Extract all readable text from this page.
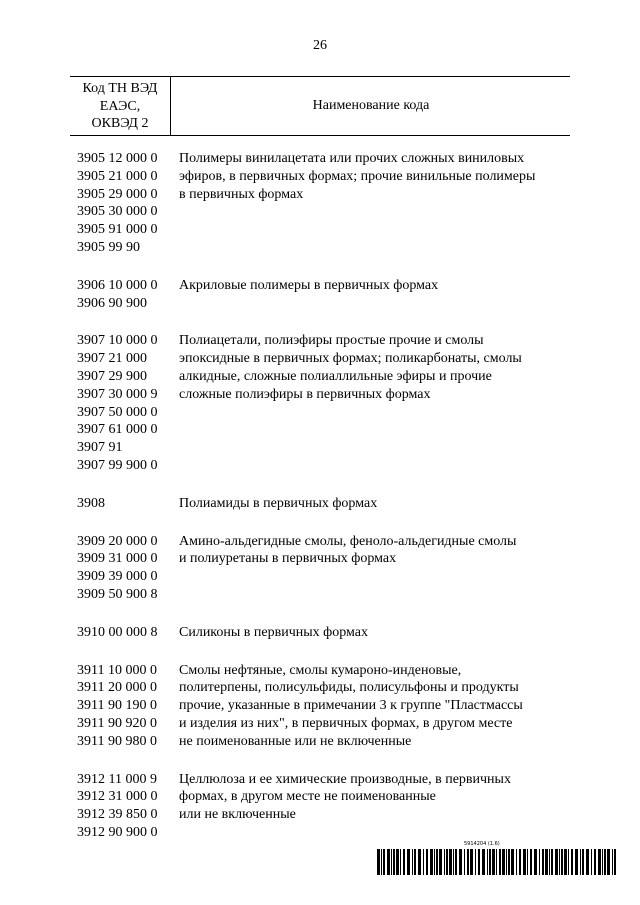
26
Код ТН ВЭД
ЕАЭС,
ОКВЭД 2
Наименование кода
3905 12 000 0
3905 21 000 0
3905 29 000 0
3905 30 000 0
3905 91 000 0
3905 99 90
Полимеры винилацетата или прочих сложных виниловых
эфиров, в первичных формах; прочие винильные полимеры
в первичных формах
3906 10 000 0
3906 90 900
Акриловые полимеры в первичных формах
3907 10 000 0
3907 21 000
3907 29 900
3907 30 000 9
3907 50 000 0
3907 61 000 0
3907 91
3907 99 900 0
Полиацетали, полиэфиры простые прочие и смолы
эпоксидные в первичных формах; поликарбонаты, смолы
алкидные, сложные полиаллильные эфиры и прочие
сложные полиэфиры в первичных формах
3908	Полиамиды в первичных формах
3909 20 000 0
3909 31 000 0
3909 39 000 0
3909 50 900 8
Амино-альдегидные смолы, феноло-альдегидные смолы
и полиуретаны в первичных формах
3910 00 000 8	Силиконы в первичных формах
3911 10 000 0
3911 20 000 0
3911 90 190 0
3911 90 920 0
3911 90 980 0
Смолы нефтяные, смолы кумароно-инденовые,
политерпены, полисульфиды, полисульфоны и продукты
прочие, указанные в примечании 3 к группе "Пластмассы
и изделия из них", в первичных формах, в другом месте
не поименованные или не включенные
3912 11 000 9
3912 31 000 0
3912 39 850 0
3912 90 900 0
Целлюлоза и ее химические производные, в первичных
формах, в другом месте не поименованные
или не включенные
5914204 (1.6)
